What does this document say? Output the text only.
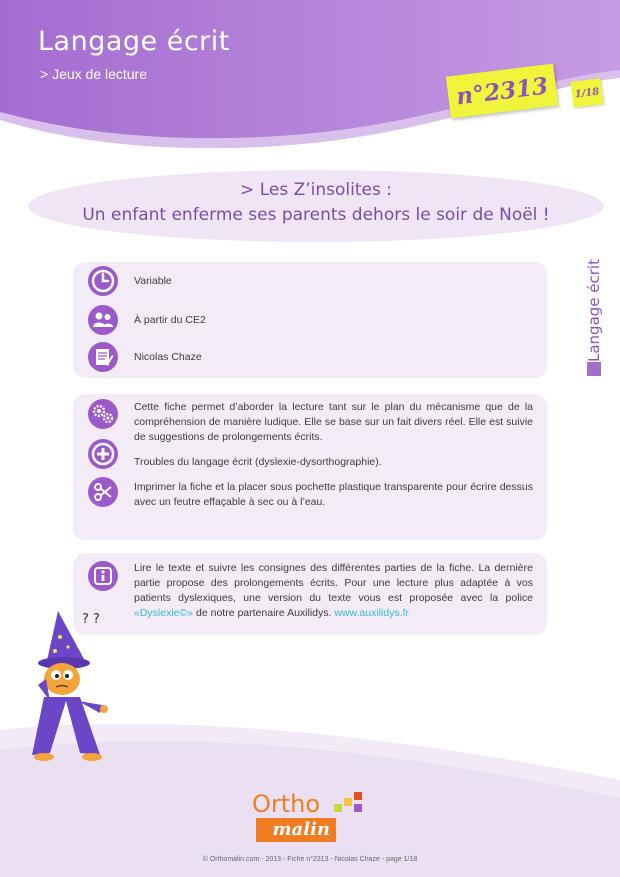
Langage écrit
> Jeux de lecture	n°2313 1/18
Langage écrit
> Les Z’insolites :
Un enfant enferme ses parents dehors le soir de Noël !
Variable
À partir du CE2
Nicolas Chaze
Cette fiche permet d’aborder la lecture tant sur le plan du mécanisme que de la compréhension de manière ludique. Elle se base sur un fait divers réel. Elle est suivie de suggestions de prolongements écrits.
Troubles du langage écrit (dyslexie-dysorthographie).
Imprimer la fiche et la placer sous pochette plastique transparente pour écrire dessus avec un feutre effaçable à sec ou à l’eau.
Lire le texte et suivre les consignes des différentes parties de la fiche. La dernière partie propose des prolongements écrits. Pour une lecture plus adaptée à vos patients dyslexiques, une version du texte vous est proposée avec la police «Dyslexie©» de notre partenaire Auxilidys. www.auxilidys.fr
? ?
Ortho
malin
© Orthomalin.com - 2013 - Fiche n°2313 - Nicolas Chaze - page 1/18
